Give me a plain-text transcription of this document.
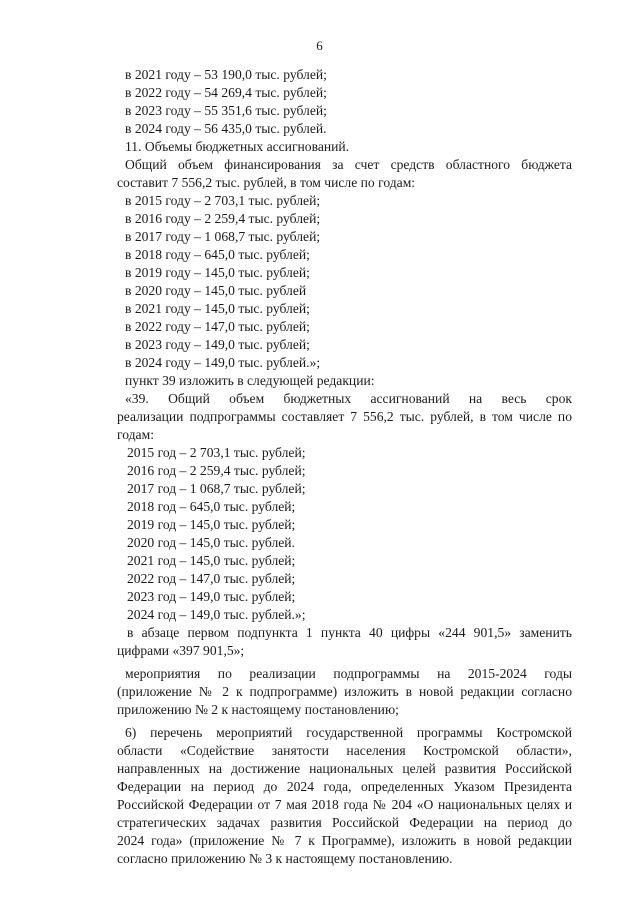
6
в 2021 году – 53 190,0 тыс. рублей;
в 2022 году – 54 269,4 тыс. рублей;
в 2023 году – 55 351,6 тыс. рублей;
в 2024 году – 56 435,0 тыс. рублей.
11. Объемы бюджетных ассигнований.
Общий объем финансирования за счет средств областного бюджета
составит 7 556,2 тыс. рублей, в том числе по годам:
в 2015 году – 2 703,1 тыс. рублей;
в 2016 году – 2 259,4 тыс. рублей;
в 2017 году – 1 068,7 тыс. рублей;
в 2018 году – 645,0 тыс. рублей;
в 2019 году – 145,0 тыс. рублей;
в 2020 году – 145,0 тыс. рублей
в 2021 году – 145,0 тыс. рублей;
в 2022 году – 147,0 тыс. рублей;
в 2023 году – 149,0 тыс. рублей;
в 2024 году – 149,0 тыс. рублей.»;
пункт 39 изложить в следующей редакции:
«39. Общий объем бюджетных ассигнований на весь срок
реализации подпрограммы составляет 7 556,2 тыс. рублей, в том числе по
годам:
2015 год – 2 703,1 тыс. рублей;
2016 год – 2 259,4 тыс. рублей;
2017 год – 1 068,7 тыс. рублей;
2018 год – 645,0 тыс. рублей;
2019 год – 145,0 тыс. рублей;
2020 год – 145,0 тыс. рублей.
2021 год – 145,0 тыс. рублей;
2022 год – 147,0 тыс. рублей;
2023 год – 149,0 тыс. рублей;
2024 год – 149,0 тыс. рублей.»;
в абзаце первом подпункта 1 пункта 40 цифры «244 901,5» заменить
цифрами «397 901,5»;
мероприятия по реализации подпрограммы на 2015-2024 годы
(приложение № 2 к подпрограмме) изложить в новой редакции согласно
приложению № 2 к настоящему постановлению;
6) перечень мероприятий государственной программы Костромской
области «Содействие занятости населения Костромской области»,
направленных на достижение национальных целей развития Российской
Федерации на период до 2024 года, определенных Указом Президента
Российской Федерации от 7 мая 2018 года № 204 «О национальных целях и
стратегических задачах развития Российской Федерации на период до
2024 года» (приложение № 7 к Программе), изложить в новой редакции
согласно приложению № 3 к настоящему постановлению.
